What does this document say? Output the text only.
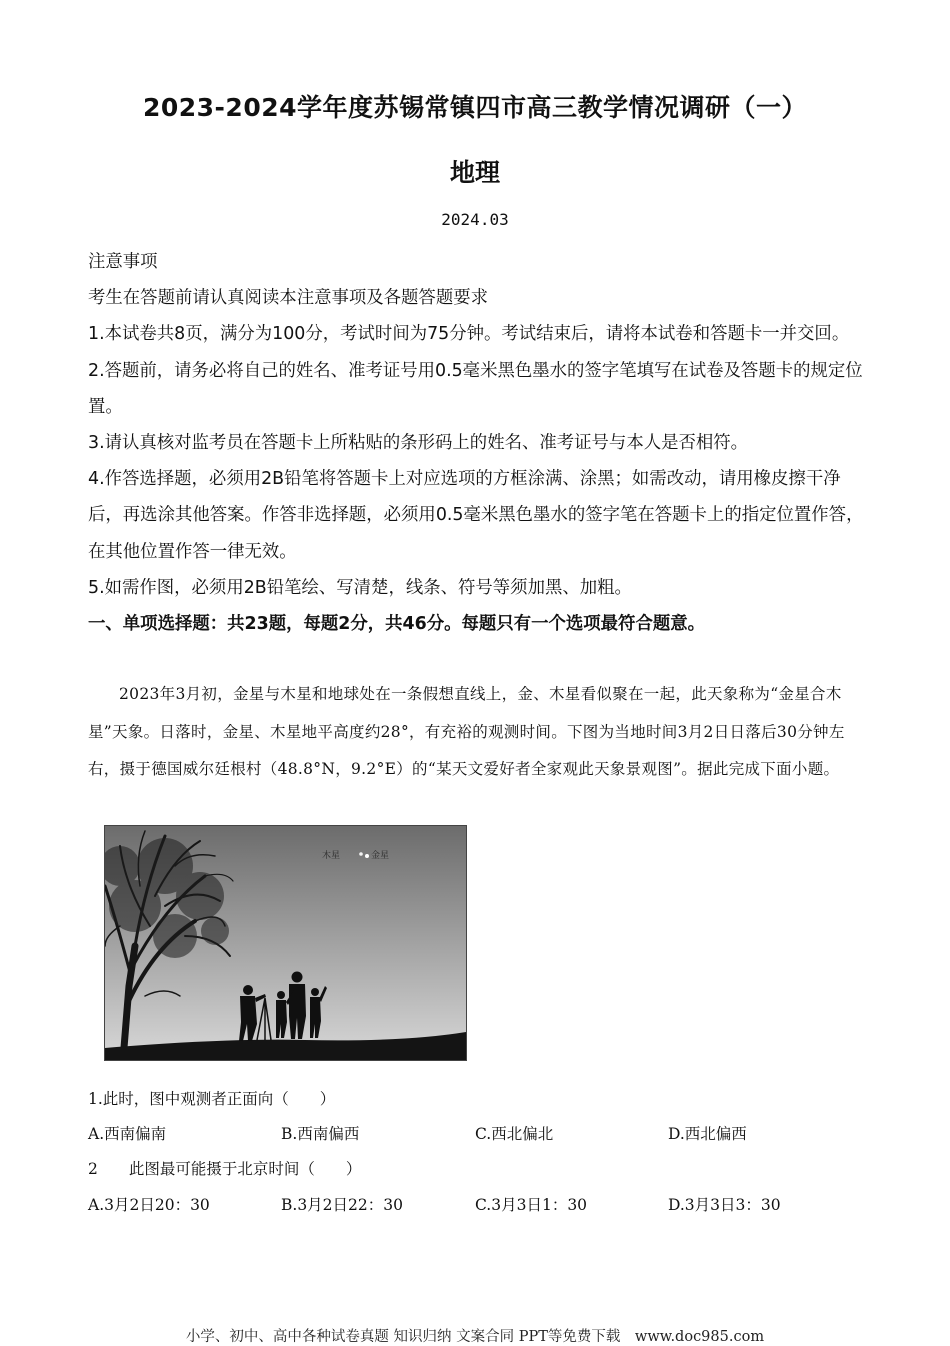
2023-2024学年度苏锡常镇四市高三教学情况调研（一）
地理
2024.03

注意事项

考生在答题前请认真阅读本注意事项及各题答题要求

1.本试卷共8页，满分为100分，考试时间为75分钟。考试结束后，请将本试卷和答题卡一并交回。

2.答题前，请务必将自己的姓名、准考证号用0.5毫米黑色墨水的签字笔填写在试卷及答题卡的规定位置。

3.请认真核对监考员在答题卡上所粘贴的条形码上的姓名、准考证号与本人是否相符。

4.作答选择题，必须用2B铅笔将答题卡上对应选项的方框涂满、涂黑；如需改动，请用橡皮擦干净后，再选涂其他答案。作答非选择题，必须用0.5毫米黑色墨水的签字笔在答题卡上的指定位置作答，在其他位置作答一律无效。

5.如需作图，必须用2B铅笔绘、写清楚，线条、符号等须加黑、加粗。

一、单项选择题：共23题，每题2分，共46分。每题只有一个选项最符合题意。

2023年3月初，金星与木星和地球处在一条假想直线上，金、木星看似聚在一起，此天象称为“金星合木星”天象。日落时，金星、木星地平高度约28°，有充裕的观测时间。下图为当地时间3月2日日落后30分钟左右，摄于德国威尔廷根村（48.8°N，9.2°E）的“某天文爱好者全家观此天象景观图”。据此完成下面小题。

木星	金星
1.此时，图中观测者正面向（　　）
A.西南偏南	B.西南偏西	C.西北偏北	D.西北偏西
2　　此图最可能摄于北京时间（　　）
A.3月2日20：30	B.3月2日22：30	C.3月3日1：30	D.3月3日3：30
小学、初中、高中各种试卷真题 知识归纳 文案合同 PPT等免费下载　www.doc985.com
